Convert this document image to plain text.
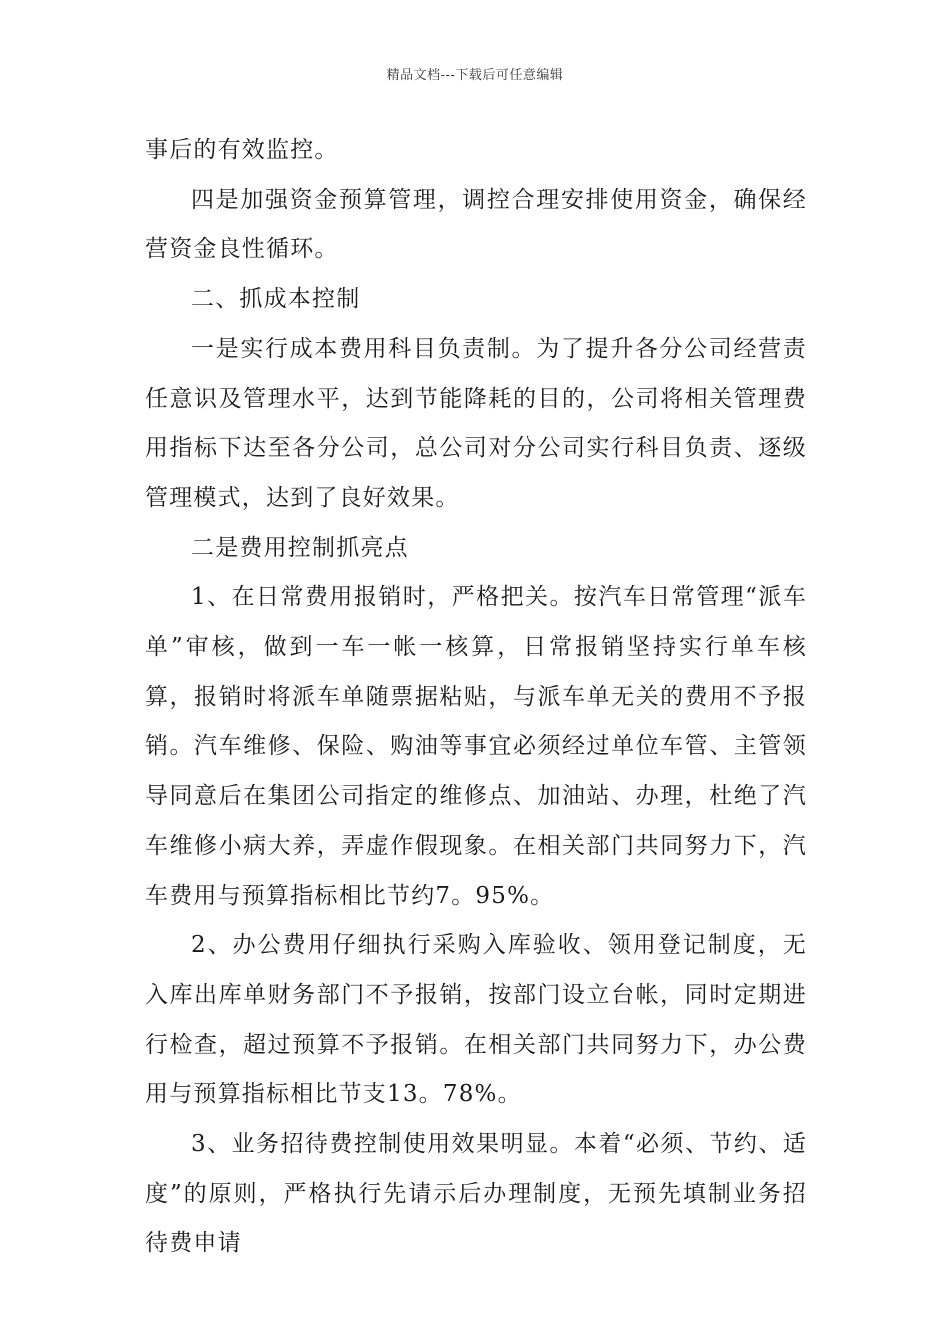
精品文档---下载后可任意编辑

事后的有效监控。

四是加强资金预算管理，调控合理安排使用资金，确保经营资金良性循环。

二、抓成本控制

一是实行成本费用科目负责制。为了提升各分公司经营责任意识及管理水平，达到节能降耗的目的，公司将相关管理费用指标下达至各分公司，总公司对分公司实行科目负责、逐级管理模式，达到了良好效果。

二是费用控制抓亮点

1、在日常费用报销时，严格把关。按汽车日常管理“派车单”审核，做到一车一帐一核算，日常报销坚持实行单车核算，报销时将派车单随票据粘贴，与派车单无关的费用不予报销。汽车维修、保险、购油等事宜必须经过单位车管、主管领导同意后在集团公司指定的维修点、加油站、办理，杜绝了汽车维修小病大养，弄虚作假现象。在相关部门共同努力下，汽车费用与预算指标相比节约7。95%。

2、办公费用仔细执行采购入库验收、领用登记制度，无入库出库单财务部门不予报销，按部门设立台帐，同时定期进行检查，超过预算不予报销。在相关部门共同努力下，办公费用与预算指标相比节支13。78%。

3、业务招待费控制使用效果明显。本着“必须、节约、适度”的原则，严格执行先请示后办理制度，无预先填制业务招待费申请
